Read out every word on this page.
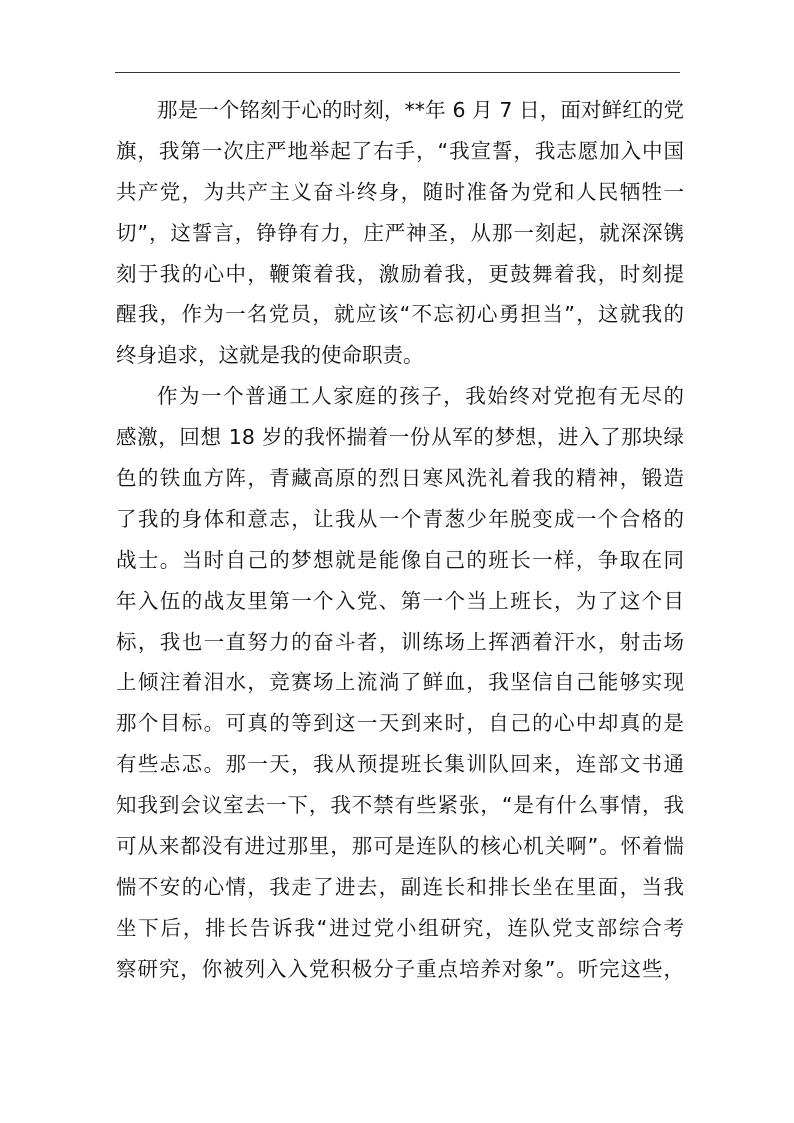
那是一个铭刻于心的时刻，**年 6 月 7 日，面对鲜红的党
旗，我第一次庄严地举起了右手，“我宣誓，我志愿加入中国
共产党，为共产主义奋斗终身，随时准备为党和人民牺牲一
切”，这誓言，铮铮有力，庄严神圣，从那一刻起，就深深镌
刻于我的心中，鞭策着我，激励着我，更鼓舞着我，时刻提
醒我，作为一名党员，就应该“不忘初心勇担当”，这就我的
终身追求，这就是我的使命职责。
作为一个普通工人家庭的孩子，我始终对党抱有无尽的
感激，回想 18 岁的我怀揣着一份从军的梦想，进入了那块绿
色的铁血方阵，青藏高原的烈日寒风洗礼着我的精神，锻造
了我的身体和意志，让我从一个青葱少年脱变成一个合格的
战士。当时自己的梦想就是能像自己的班长一样，争取在同
年入伍的战友里第一个入党、第一个当上班长，为了这个目
标，我也一直努力的奋斗者，训练场上挥洒着汗水，射击场
上倾注着泪水，竞赛场上流淌了鲜血，我坚信自己能够实现
那个目标。可真的等到这一天到来时，自己的心中却真的是
有些忐忑。那一天，我从预提班长集训队回来，连部文书通
知我到会议室去一下，我不禁有些紧张，“是有什么事情，我
可从来都没有进过那里，那可是连队的核心机关啊”。怀着惴
惴不安的心情，我走了进去，副连长和排长坐在里面，当我
坐下后，排长告诉我“进过党小组研究，连队党支部综合考
察研究，你被列入入党积极分子重点培养对象”。听完这些，
